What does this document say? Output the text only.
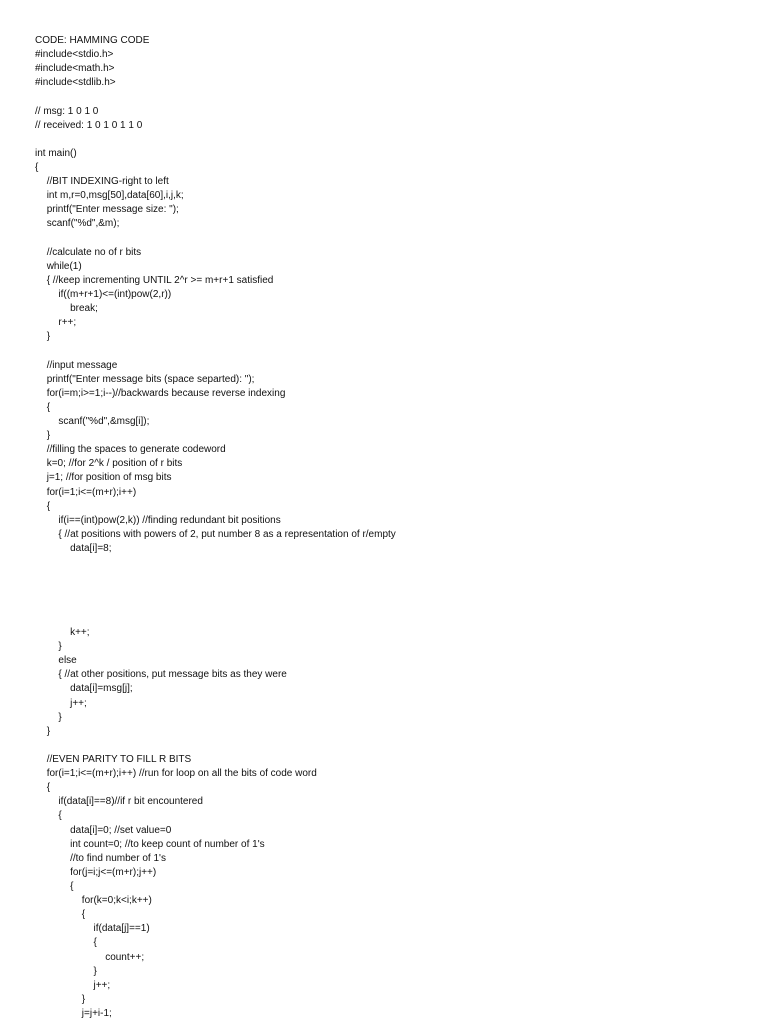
CODE: HAMMING CODE
#include<stdio.h>
#include<math.h>
#include<stdlib.h>
// msg: 1 0 1 0
// received: 1 0 1 0 1 1 0
int main()
{
//BIT INDEXING-right to left
int m,r=0,msg[50],data[60],i,j,k;
printf("Enter message size: ");
scanf("%d",&m);
//calculate no of r bits
while(1)
{ //keep incrementing UNTIL 2^r >= m+r+1 satisfied
if((m+r+1)<=(int)pow(2,r))
break;
r++;
}
//input message
printf("Enter message bits (space separted): ");
for(i=m;i>=1;i--)//backwards because reverse indexing
{
scanf("%d",&msg[i]);
}
//filling the spaces to generate codeword
k=0; //for 2^k / position of r bits
j=1; //for position of msg bits
for(i=1;i<=(m+r);i++)
{
if(i==(int)pow(2,k)) //finding redundant bit positions
{ //at positions with powers of 2, put number 8 as a representation of r/empty
data[i]=8;
k++;
}
else
{ //at other positions, put message bits as they were
data[i]=msg[j];
j++;
}
}
//EVEN PARITY TO FILL R BITS
for(i=1;i<=(m+r);i++) //run for loop on all the bits of code word
{
if(data[i]==8)//if r bit encountered
{
data[i]=0; //set value=0
int count=0; //to keep count of number of 1's
//to find number of 1's
for(j=i;j<=(m+r);j++)
{
for(k=0;k<i;k++)
{
if(data[j]==1)
{
count++;
}
j++;
}
j=j+i-1;
